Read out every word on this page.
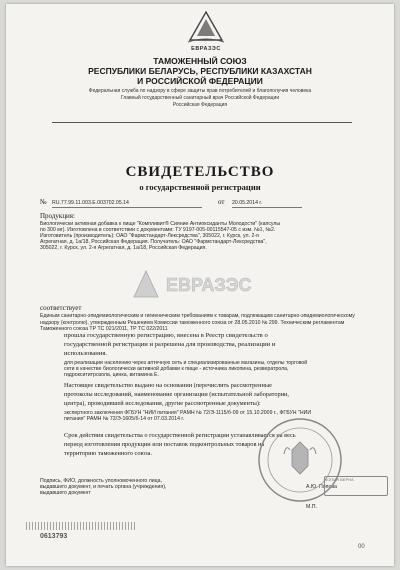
ЕВРАЗЭС
ТАМОЖЕННЫЙ СОЮЗ
РЕСПУБЛИКИ БЕЛАРУСЬ, РЕСПУБЛИКИ КАЗАХСТАН
И РОССИЙСКОЙ ФЕДЕРАЦИИ
Федеральная служба по надзору в сфере защиты прав потребителей и благополучия человека
Главный государственный санитарный врач Российской Федерации
Российская Федерация
СВИДЕТЕЛЬСТВО
о государственной регистрации
№ RU.77.99.11.003.Е.003702.05.14	от 20.05.2014 г.
Продукция:
Биологически активная добавка к пище "Компливит® Сияние Антиоксиданты Молодости" (капсулы
по 300 мг). Изготовлена в соответствии с документами: ТУ 9197-005-00115547-05 с изм. №1, №2.
Изготовитель (производитель): ОАО "Фармстандарт-Лексредства", 305022, г. Курск, ул. 2-я
Агрегатная, д. 1а/18, Российская Федерация. Получатель: ОАО "Фармстандарт-Лексредства",
305022, г. Курск, ул. 2-я Агрегатная, д. 1а/18, Российская Федерация.
ЕВРАЗЭС
соответствует
Единым санитарно-эпидемиологическим и гигиеническим требованиям к товарам, подлежащим санитарно-эпидемиологическому надзору (контролю), утвержденным Решением Комиссии таможенного союза от 28.05.2010 № 299. Техническим регламентам Таможенного союза ТР ТС 021/2011, ТР ТС 022/2011
прошла государственную регистрацию, внесена в Реестр свидетельств о
государственной регистрации и разрешена для производства, реализации и
использования.
для реализации населению через аптечную сеть и специализированные магазины, отделы торговой
сети в качестве биологически активной добавки к пище - источника ликопина, резвератрола,
гидроксититрозола, цинка, витамина E.
Настоящее свидетельство выдано на основании (перечислить рассмотренные
протоколы исследований, наименование организации (испытательной лаборатории,
центра), проводившей исследования, другие рассмотренные документы):
экспертного заключения ФГБУН "НИИ питания" РАМН № 72/Э-1115/б-09 от 15.10.2009 г., ФГБУН "НИИ
питания" РАМН № 72/Э-1605/б-14 от 07.03.2014 г.
Срок действия свидетельства о государственной регистрации устанавливается на весь
период изготовления продукции или поставок подконтрольных товаров на
территорию таможенного союза.
Подпись, ФИО, должность уполномоченного лица,
выдавшего документ, и печать органа (учреждения),
выдавшего документ
А.Ю. Попова
М.П.
КОПИЯ ВЕРНА
0613793
00
